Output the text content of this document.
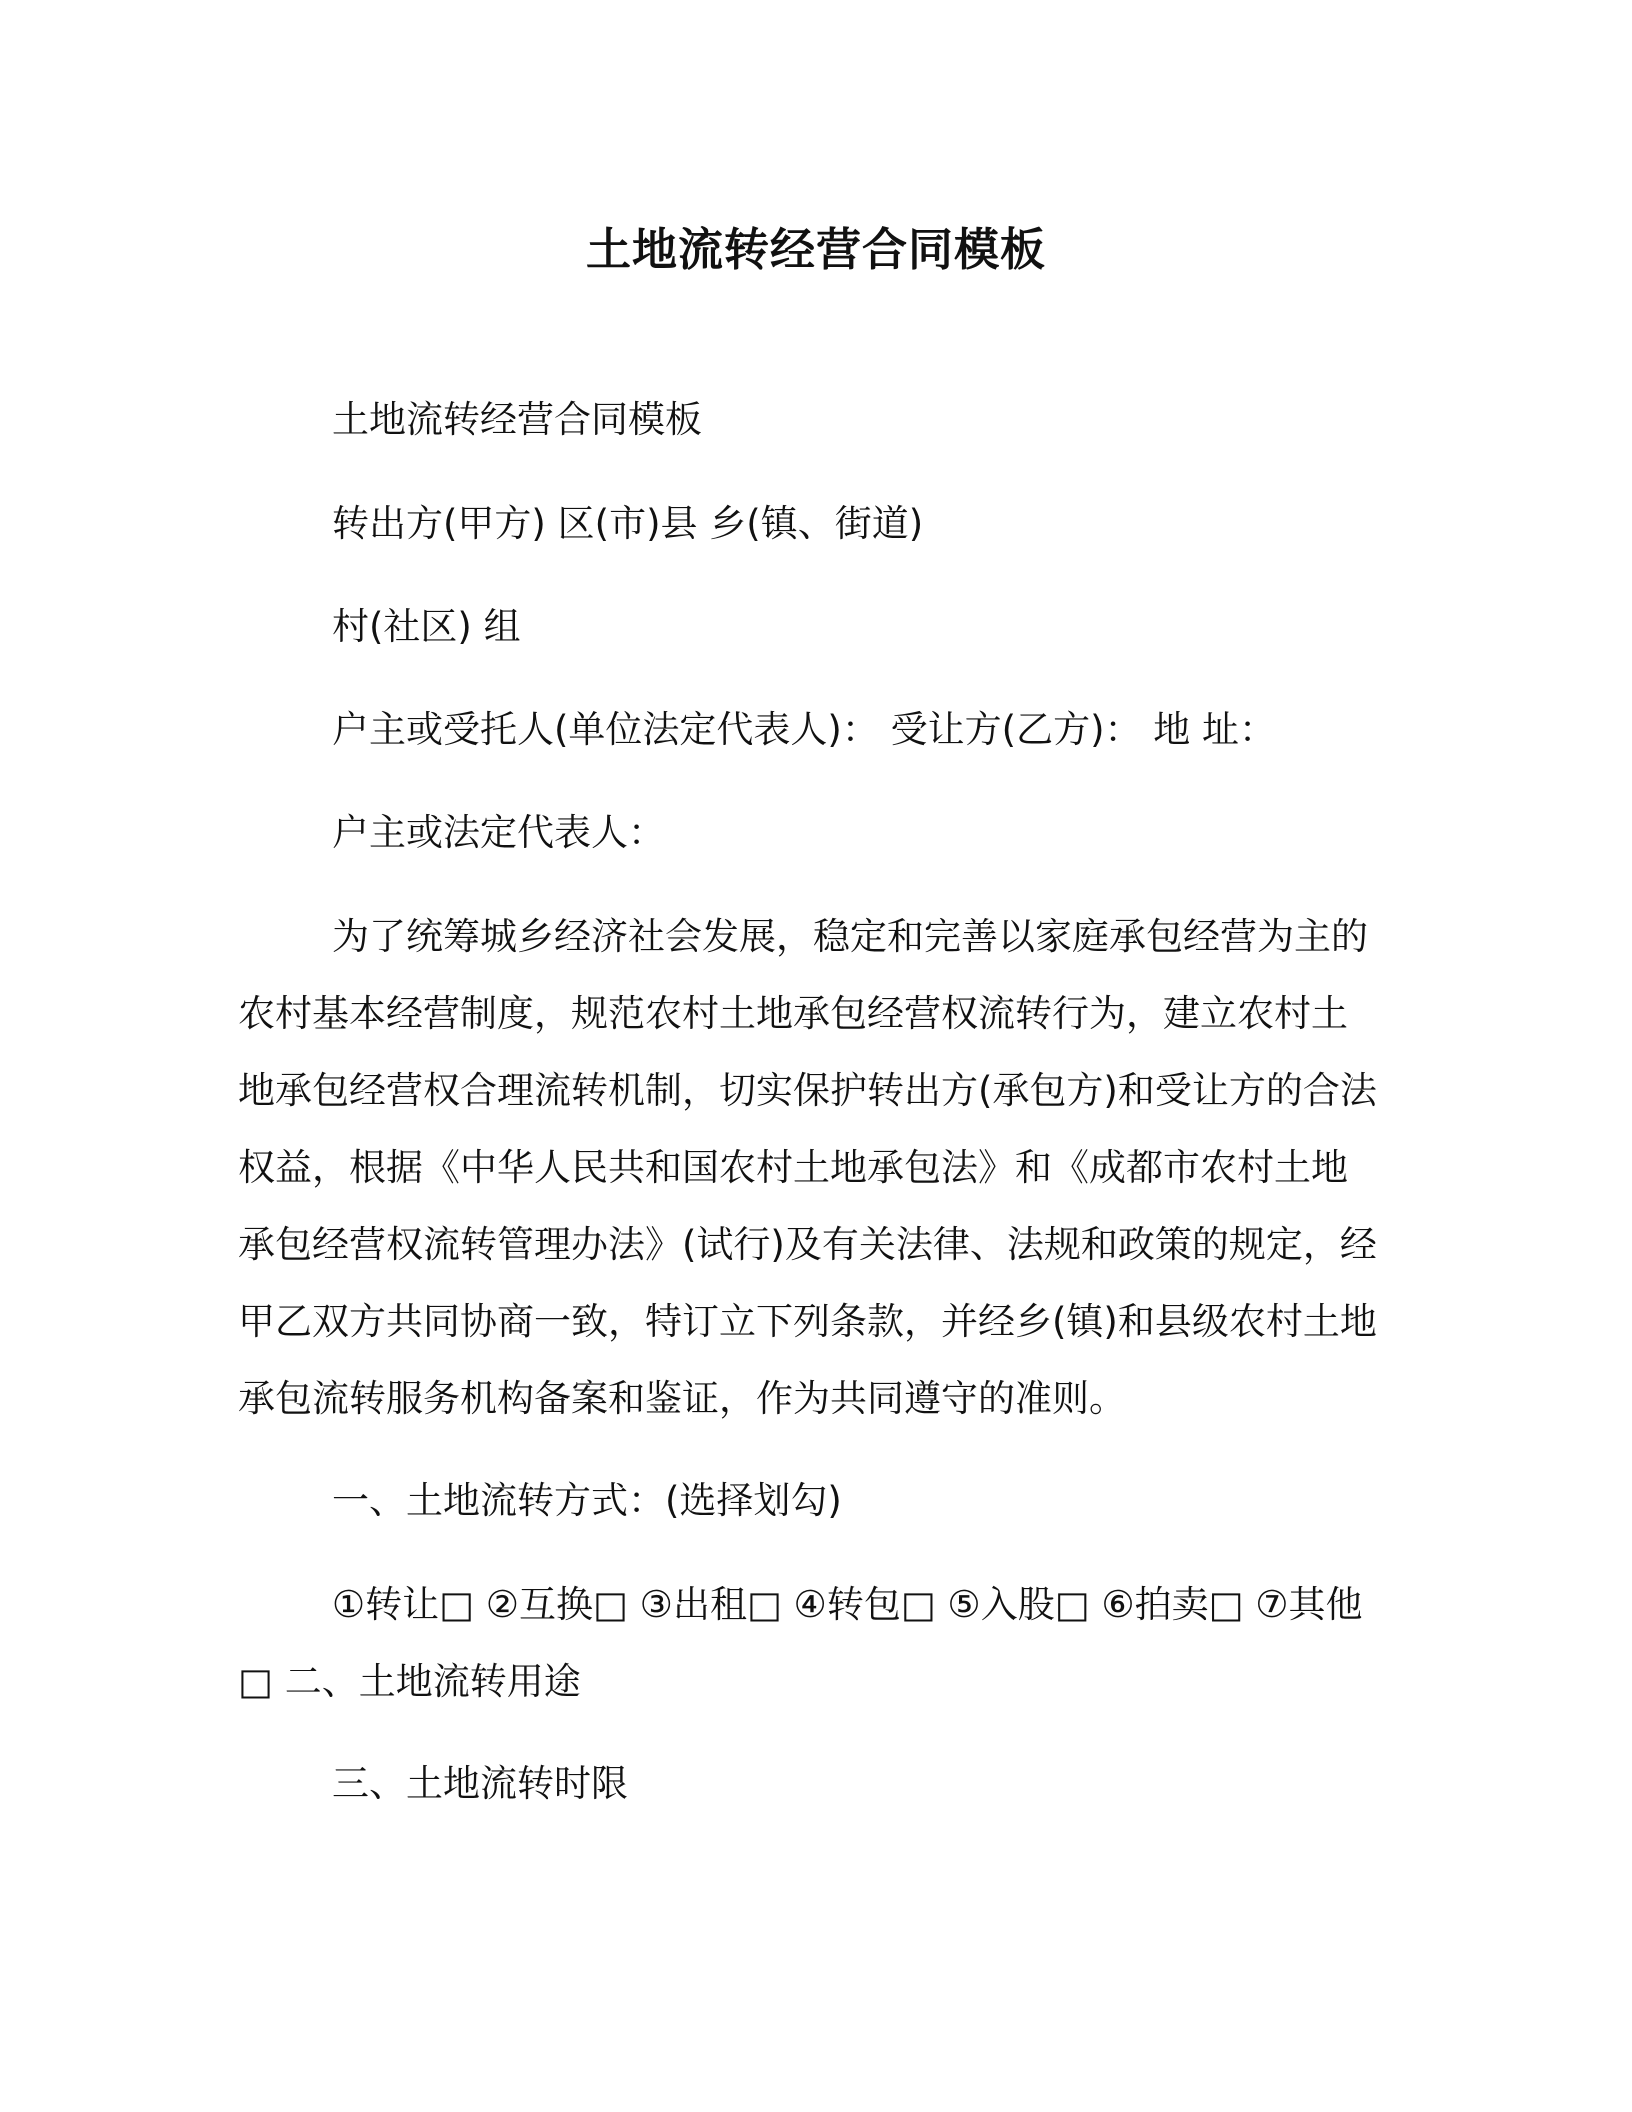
土地流转经营合同模板
土地流转经营合同模板
转出方(甲方) 区(市)县 乡(镇、街道)
村(社区) 组
户主或受托人(单位法定代表人)： 受让方(乙方)： 地 址：
户主或法定代表人：
为了统筹城乡经济社会发展，稳定和完善以家庭承包经营为主的农村基本经营制度，规范农村土地承包经营权流转行为，建立农村土地承包经营权合理流转机制，切实保护转出方(承包方)和受让方的合法权益，根据《中华人民共和国农村土地承包法》和《成都市农村土地承包经营权流转管理办法》(试行)及有关法律、法规和政策的规定，经甲乙双方共同协商一致，特订立下列条款，并经乡(镇)和县级农村土地承包流转服务机构备案和鉴证，作为共同遵守的准则。
一、土地流转方式：(选择划勾)
①转让□ ②互换□ ③出租□ ④转包□ ⑤入股□ ⑥拍卖□ ⑦其他□ 二、土地流转用途
三、土地流转时限
